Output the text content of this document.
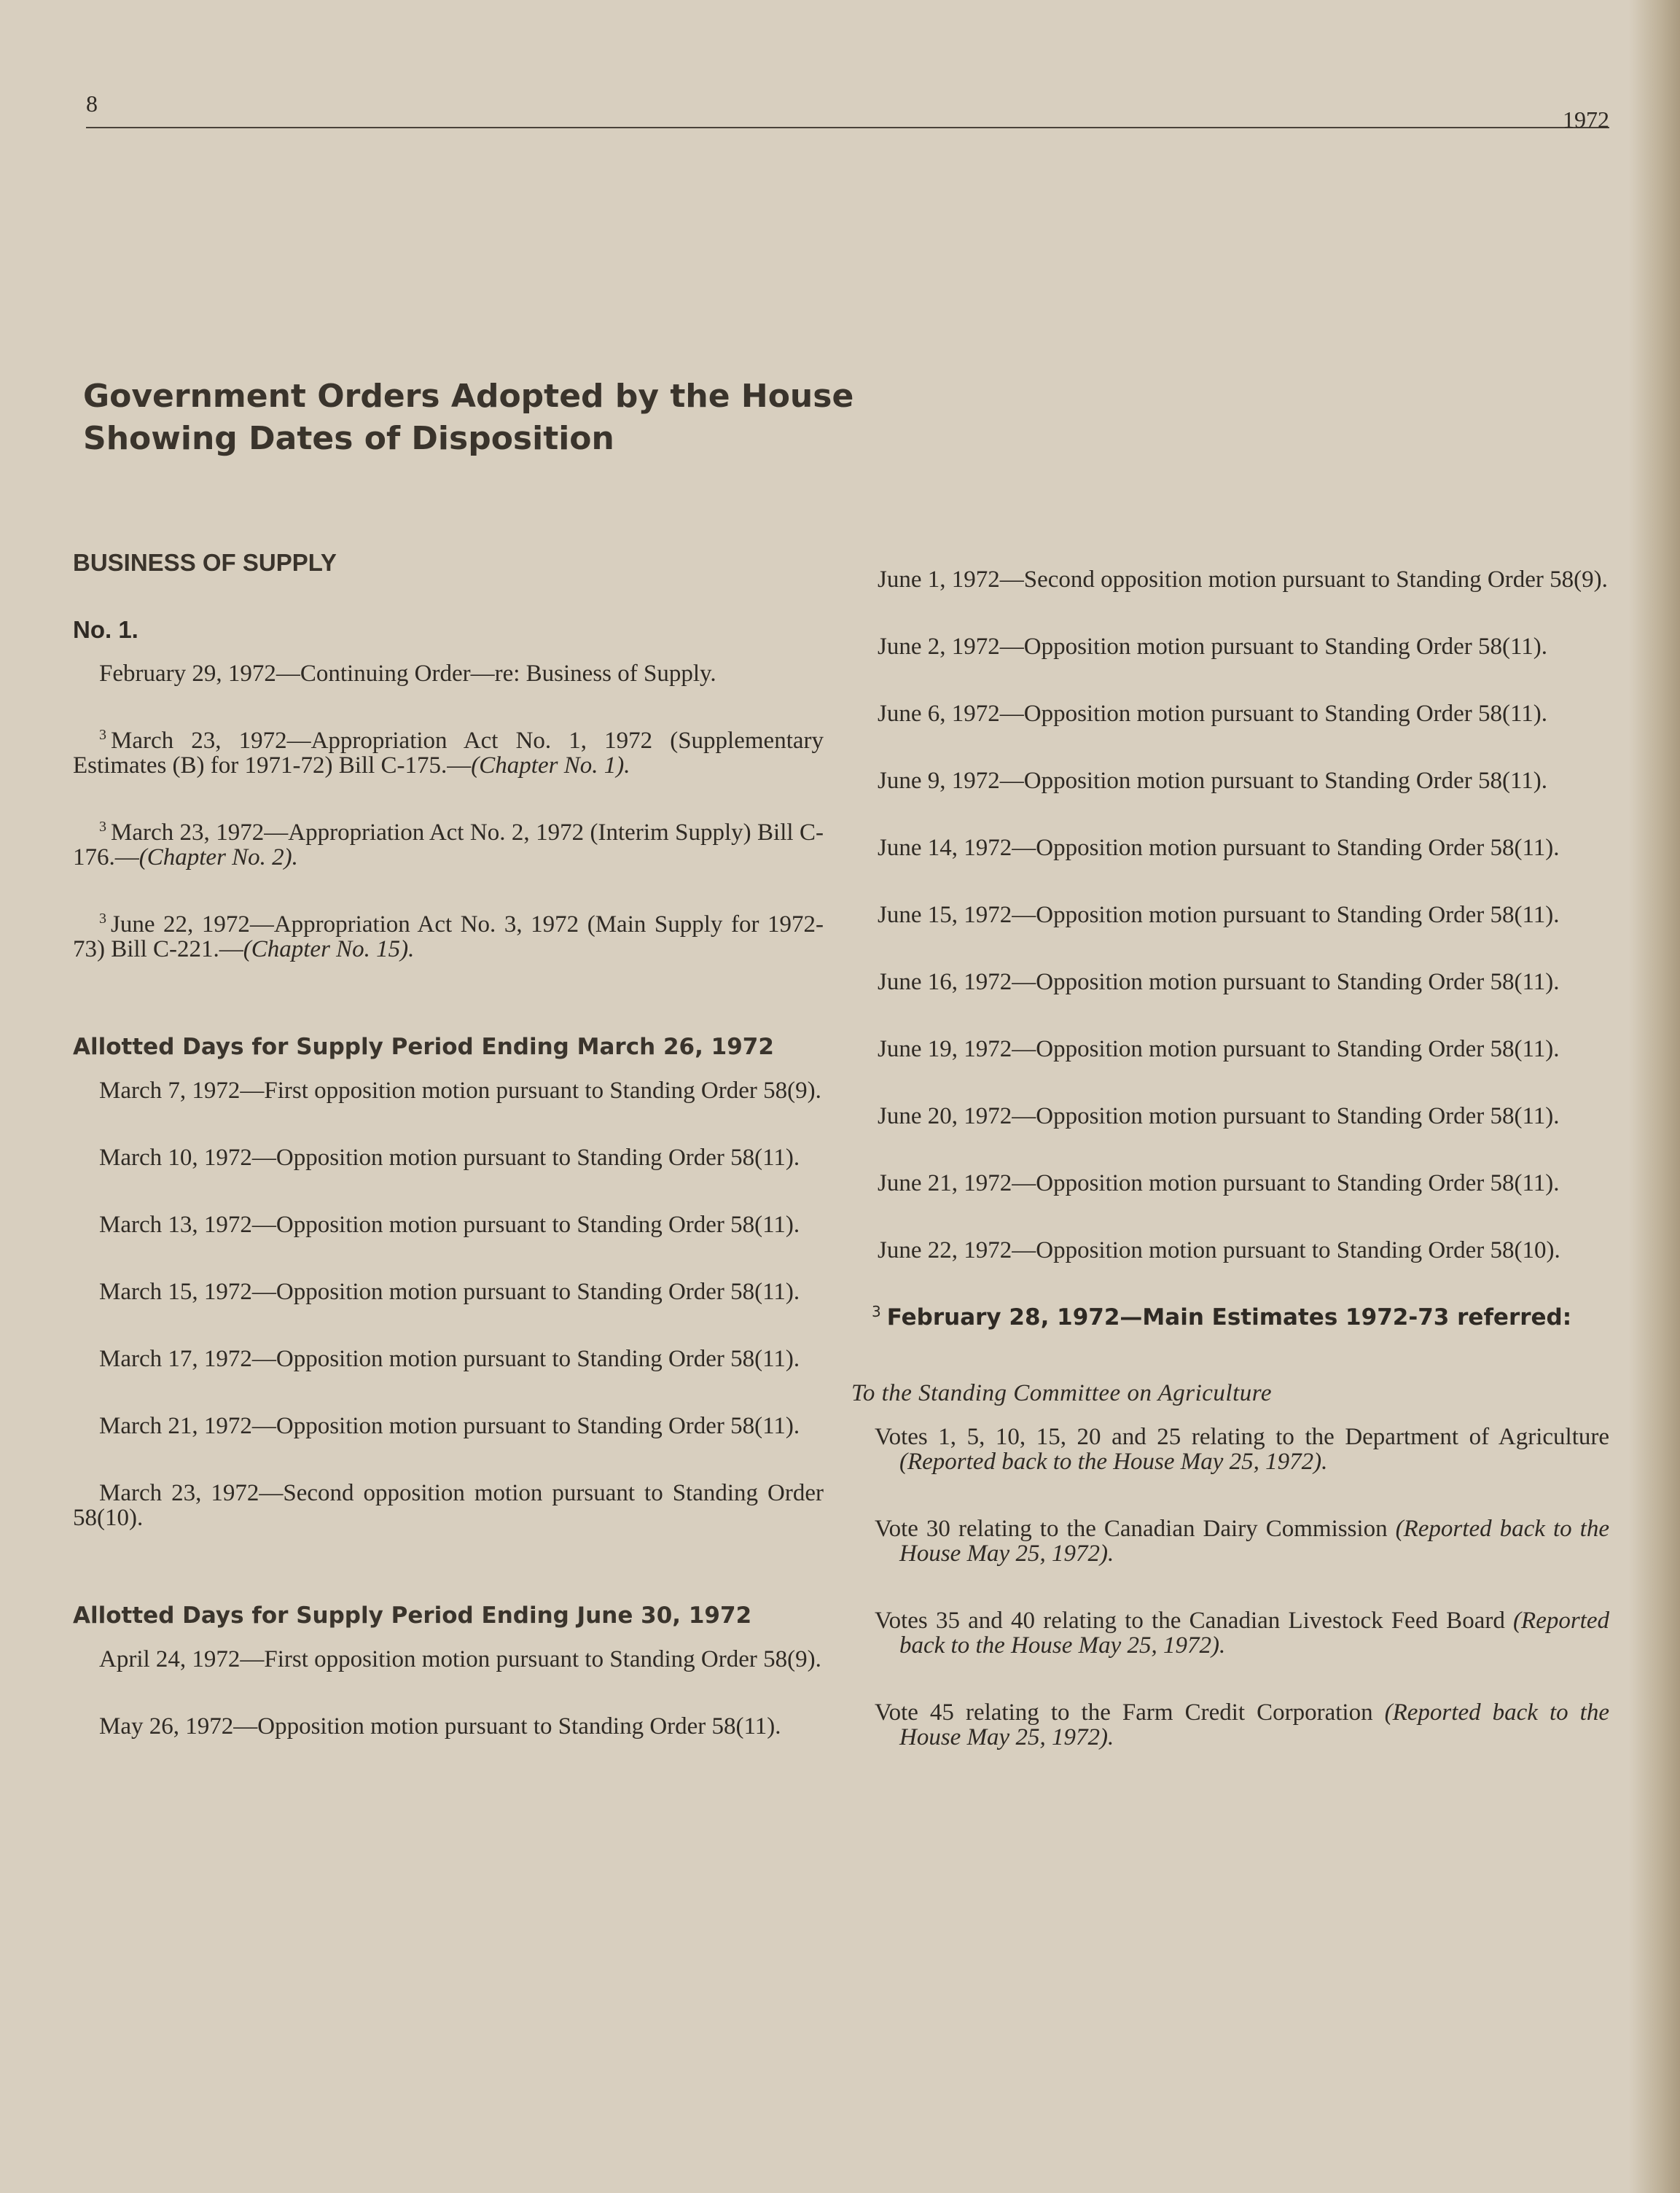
8
1972
Government Orders Adopted by the House Showing Dates of Disposition

BUSINESS OF SUPPLY

No. 1.

February 29, 1972—Continuing Order—re: Business of Supply.

$^3$ March 23, 1972—Appropriation Act No. 1, 1972 (Supplementary Estimates (B) for 1971-72) Bill C-175.—(Chapter No. 1).

$^3$ March 23, 1972—Appropriation Act No. 2, 1972 (Interim Supply) Bill C-176.—(Chapter No. 2).

$^3$ June 22, 1972—Appropriation Act No. 3, 1972 (Main Supply for 1972-73) Bill C-221.—(Chapter No. 15).

Allotted Days for Supply Period Ending March 26, 1972

March 7, 1972—First opposition motion pursuant to Standing Order 58(9).

March 10, 1972—Opposition motion pursuant to Standing Order 58(11).

March 13, 1972—Opposition motion pursuant to Standing Order 58(11).

March 15, 1972—Opposition motion pursuant to Standing Order 58(11).

March 17, 1972—Opposition motion pursuant to Standing Order 58(11).

March 21, 1972—Opposition motion pursuant to Standing Order 58(11).

March 23, 1972—Second opposition motion pursuant to Standing Order 58(10).

Allotted Days for Supply Period Ending June 30, 1972

April 24, 1972—First opposition motion pursuant to Standing Order 58(9).

May 26, 1972—Opposition motion pursuant to Standing Order 58(11).

June 1, 1972—Second opposition motion pursuant to Standing Order 58(9).

June 2, 1972—Opposition motion pursuant to Standing Order 58(11).

June 6, 1972—Opposition motion pursuant to Standing Order 58(11).

June 9, 1972—Opposition motion pursuant to Standing Order 58(11).

June 14, 1972—Opposition motion pursuant to Standing Order 58(11).

June 15, 1972—Opposition motion pursuant to Standing Order 58(11).

June 16, 1972—Opposition motion pursuant to Standing Order 58(11).

June 19, 1972—Opposition motion pursuant to Standing Order 58(11).

June 20, 1972—Opposition motion pursuant to Standing Order 58(11).

June 21, 1972—Opposition motion pursuant to Standing Order 58(11).

June 22, 1972—Opposition motion pursuant to Standing Order 58(10).

$^3$ February 28, 1972—Main Estimates 1972-73 referred:

To the Standing Committee on Agriculture

Votes 1, 5, 10, 15, 20 and 25 relating to the Department of Agriculture (Reported back to the House May 25, 1972).

Vote 30 relating to the Canadian Dairy Commission (Reported back to the House May 25, 1972).

Votes 35 and 40 relating to the Canadian Livestock Feed Board (Reported back to the House May 25, 1972).

Vote 45 relating to the Farm Credit Corporation (Reported back to the House May 25, 1972).
